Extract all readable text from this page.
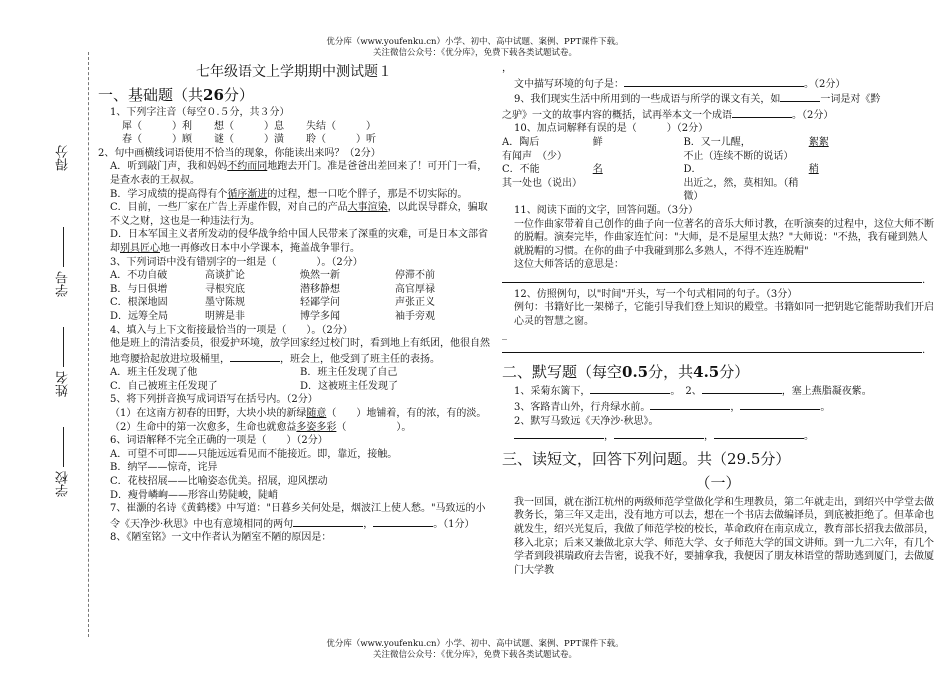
优分库（www.youfenku.cn）小学、初中、高中试题、案例、PPT课件下载。
关注微信公众号：《优分库》，免费下载各类试题试卷。
得分
学号
姓名
学校
七年级语文上学期期中测试题１
一、基础题（共26分）

1、下列字注音（每空０.５分，共３分）

犀（　　　）利	想（　　　）息	失结（　　　）
春（　　　）顾	谜（　　　）潢	聆（　　　）听

2、句中画横线词语使用不恰当的现象，你能读出来吗？（2分）

A．听到敲门声，我和妈妈不约而同地跑去开门。准是爸爸出差回来了！可开门一看，是查水表的王叔叔。

B．学习成绩的提高得有个循序渐进的过程，想一口吃个胖子，那是不切实际的。

C．目前，一些厂家在广告上弄虚作假，对自己的产品大事渲染，以此误导群众，骗取不义之财，这也是一种违法行为。

D．日本军国主义者所发动的侵华战争给中国人民带来了深重的灾难，可是日本文部省却别具匠心地一再修改日本中小学课本，掩盖战争罪行。

3、下列词语中没有错别字的一组是（　　　　）。（2分）

A．不功自破	高谈扩论	焕然一新	停滞不前
B．与日俱增	寻根究底	潜移静想	高官厚禄
C．根深地固	墨守陈规	轻鄙学问	声张正义
D．远筹全局	明辨是非	博学多闻	袖手旁观

4、填入与上下文衔接最恰当的一项是（　　）。（2分）

他是班上的清洁委员，很爱护环境，放学回家经过校门时，看到地上有纸团，他很自然地弯腰拾起放进垃圾桶里，	，班会上，他受到了班主任的表扬。

A．班主任发现了他	B．班主任发现了自己
C．自己被班主任发现了	D．这被班主任发现了

5、将下列拼音换写成词语写在括号内。（2分）

（1）在这南方初春的田野，大块小块的新绿随意（　　）地铺着，有的浓，有的淡。

（2）生命中的第一次愈多，生命也就愈益多姿多彩（　　　　　）。

6、词语解释不完全正确的一项是（　　）（2分）

A．可望不可即——只能远远看见而不能接近。即，靠近，接触。

B．纳罕——惊奇，诧异

C．花枝招展——比喻姿态优美。招展，迎风摆动

D．瘦骨嶙峋——形容山势陡峻，陡峭

7、崔灏的名诗《黄鹤楼》中写道："日暮乡关何处是，烟波江上使人愁。"马致远的小令《天净沙·秋思》中也有意境相同的两句	，	。（1分）

8、《陋室铭》一文中作者认为陋室不陋的原因是：

，

文中描写环境的句子是：	。（2分）

9、我们现实生活中所用到的一些成语与所学的课文有关，如	一词是对《黔

之驴》一文的故事内容的概括，试再举本文一个成语	。（2分）

10、加点词解释有误的是（　　　）（2分）

A．陶后	鲜有闻声　（少）
B．又一儿醒，	絮絮不止（连续不断的说话）
C．不能	名其一处也（说出）
D．	稍出近之，然，莫相知。（稍微）

11、阅读下面的文字，回答问题。（3分）

一位作曲家带着自己创作的曲子向一位著名的音乐大师讨教，在听演奏的过程中，这位大师不断的脱帽。演奏完毕，作曲家连忙问："大师，是不是屋里太热？"大师说："不热，我有碰到熟人就脱帽的习惯。在你的曲子中我碰到那么多熟人，不得不连连脱帽"

这位大师答话的意思是：

.

12、仿照例句，以"时间"开头，写一个句式相同的句子。（3分）

例句：书籍好比一架梯子，它能引导我们登上知识的殿堂。书籍如同一把钥匙它能帮助我们开启心灵的智慧之窗。

_

.

二、默写题（每空0.5分，共4.5分）

1、采菊东篱下，	。　2、	，塞上燕脂凝夜紫。

3、客路青山外，行舟绿水前。	，	。

2、默写马致远《天净沙·秋思》。

，	，	。

三、读短文，回答下列问题。共（29.5分）
（一）

我一回国，就在浙江杭州的两级师范学堂做化学和生理教员，第二年就走出，到绍兴中学堂去做教务长，第三年又走出，没有地方可以去，想在一个书店去做编译员，到底被拒绝了。但革命也就发生，绍兴光复后，我做了师范学校的校长，革命政府在南京成立，教育部长招我去做部员，移入北京；后来又兼做北京大学、师范大学、女子师范大学的国文讲师。到一九二六年，有几个学者到段祺瑞政府去告密，说我不好，要捕拿我，我便因了朋友林语堂的帮助逃到厦门，去做厦门大学教

优分库（www.youfenku.cn）小学、初中、高中试题、案例、PPT课件下载。
关注微信公众号：《优分库》，免费下载各类试题试卷。
